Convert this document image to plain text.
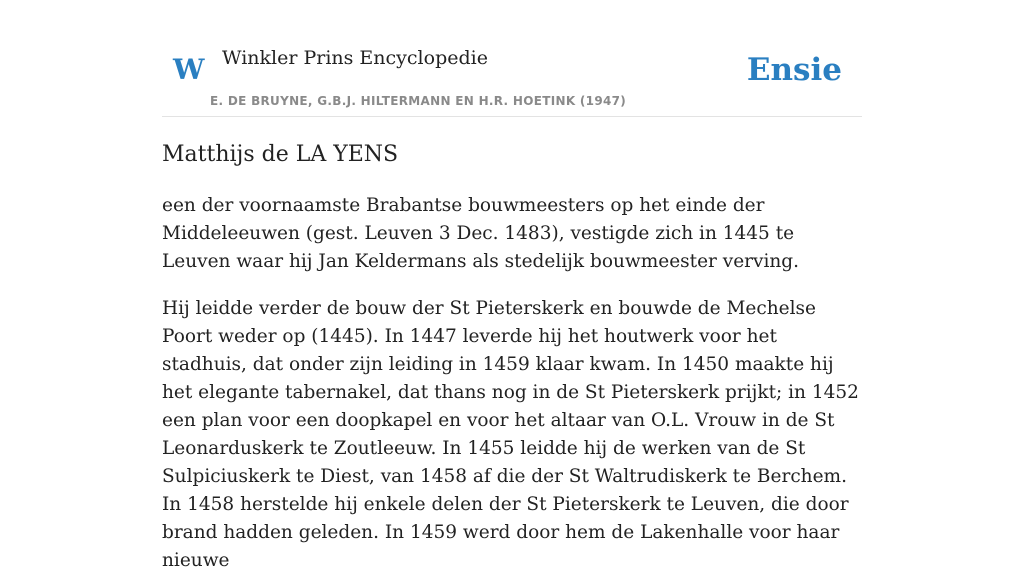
W Winkler Prins Encyclopedie
E. DE BRUYNE, G.B.J. HILTERMANN EN H.R. HOETINK (1947)
Ensie
Matthijs de LA YENS

een der voornaamste Brabantse bouwmeesters op het einde der Middeleeuwen (gest. Leuven 3 Dec. 1483), vestigde zich in 1445 te Leuven waar hij Jan Keldermans als stedelijk bouwmeester verving.

Hij leidde verder de bouw der St Pieterskerk en bouwde de Mechelse Poort weder op (1445). In 1447 leverde hij het houtwerk voor het stadhuis, dat onder zijn leiding in 1459 klaar kwam. In 1450 maakte hij het elegante tabernakel, dat thans nog in de St Pieterskerk prijkt; in 1452 een plan voor een doopkapel en voor het altaar van O.L. Vrouw in de St Leonarduskerk te Zoutleeuw. In 1455 leidde hij de werken van de St Sulpiciuskerk te Diest, van 1458 af die der St Waltrudiskerk te Berchem. In 1458 herstelde hij enkele delen der St Pieterskerk te Leuven, die door brand hadden geleden. In 1459 werd door hem de Lakenhalle voor haar nieuwe
